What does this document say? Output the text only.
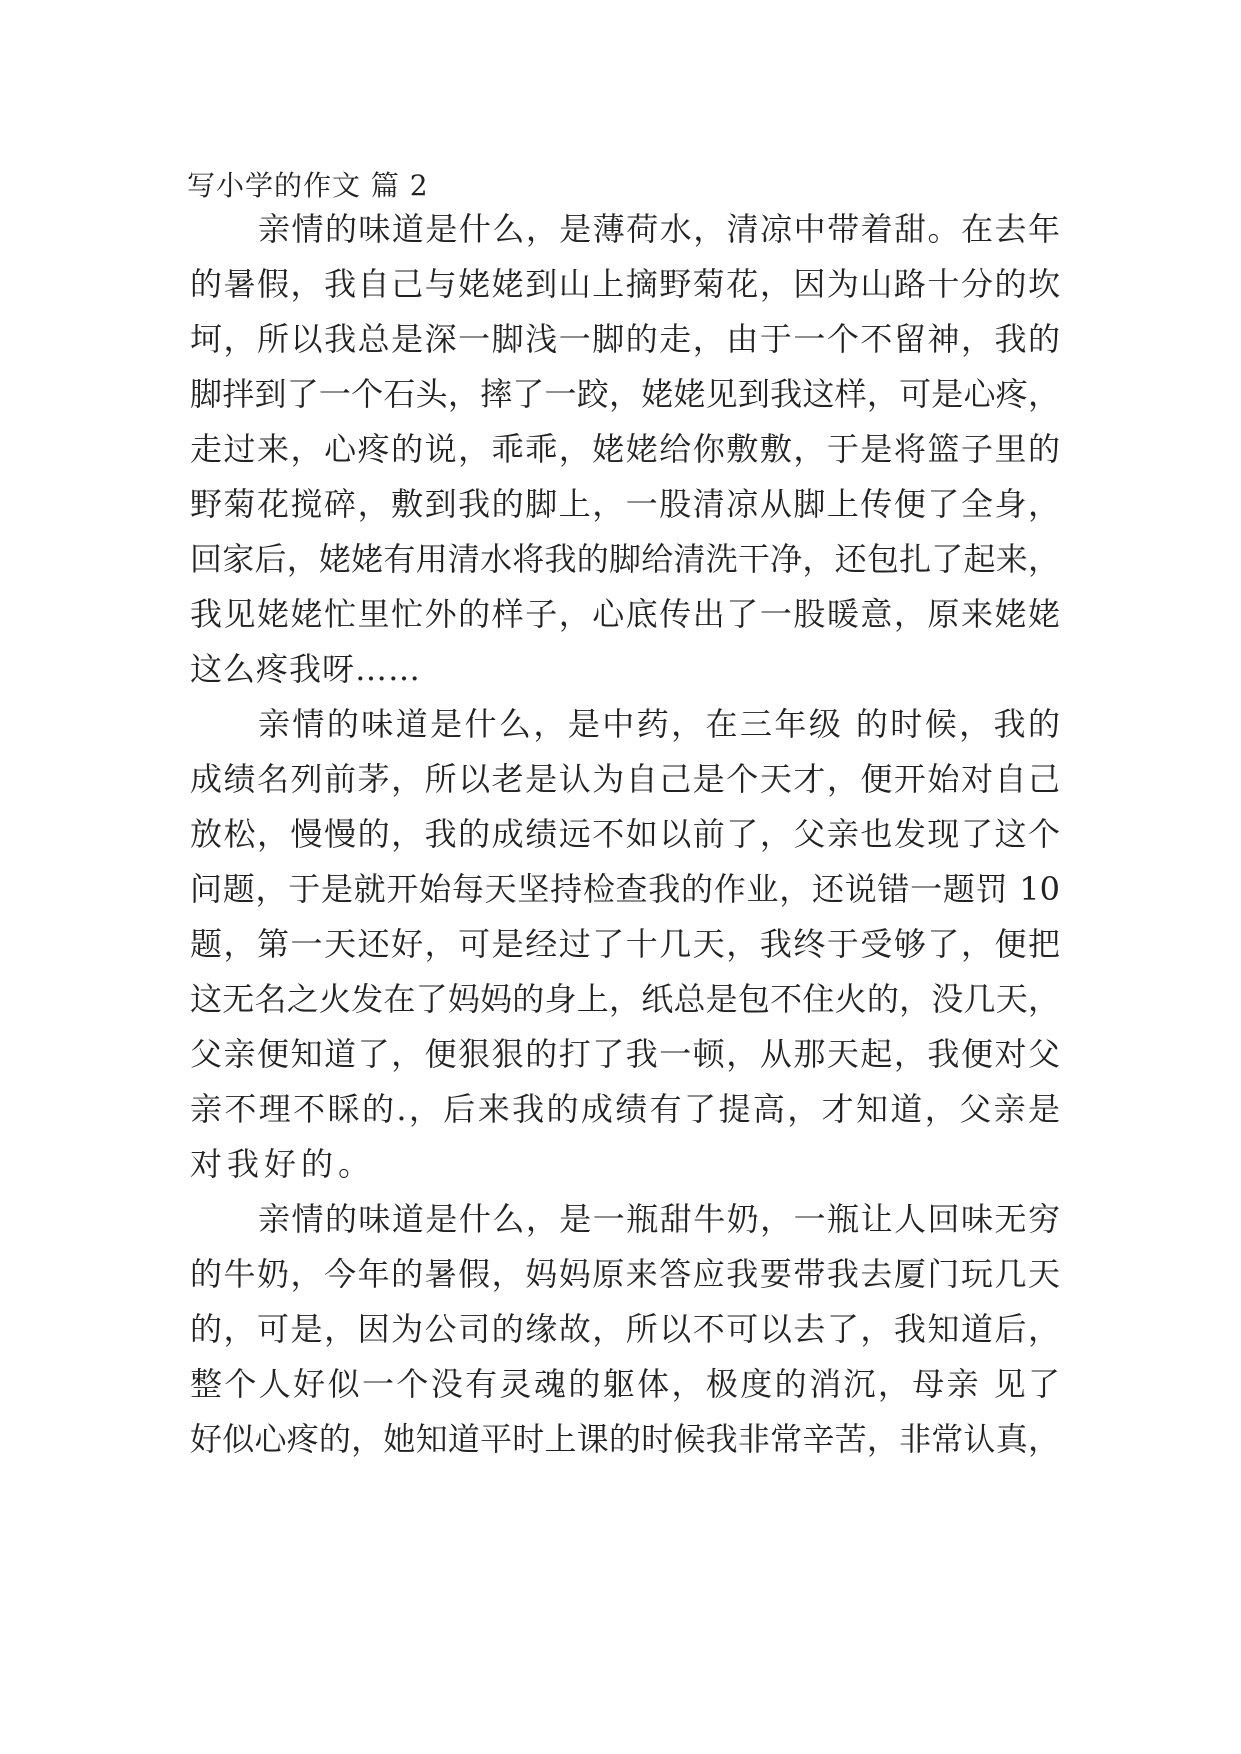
写小学的作文 篇 2
亲情的味道是什么，是薄荷水，清凉中带着甜。在去年
的暑假，我自己与姥姥到山上摘野菊花，因为山路十分的坎
坷，所以我总是深一脚浅一脚的走，由于一个不留神，我的
脚拌到了一个石头，摔了一跤，姥姥见到我这样，可是心疼，
走过来，心疼的说，乖乖，姥姥给你敷敷，于是将篮子里的
野菊花搅碎，敷到我的脚上，一股清凉从脚上传便了全身，
回家后，姥姥有用清水将我的脚给清洗干净，还包扎了起来，
我见姥姥忙里忙外的样子，心底传出了一股暖意，原来姥姥
这么疼我呀……
亲情的味道是什么，是中药，在三年级 的时候，我的
成绩名列前茅，所以老是认为自己是个天才，便开始对自己
放松，慢慢的，我的成绩远不如以前了，父亲也发现了这个
问题，于是就开始每天坚持检查我的作业，还说错一题罚 10
题，第一天还好，可是经过了十几天，我终于受够了，便把
这无名之火发在了妈妈的身上，纸总是包不住火的，没几天，
父亲便知道了，便狠狠的打了我一顿，从那天起，我便对父
亲不理不睬的.，后来我的成绩有了提高，才知道，父亲是
对我好的。
亲情的味道是什么，是一瓶甜牛奶，一瓶让人回味无穷
的牛奶，今年的暑假，妈妈原来答应我要带我去厦门玩几天
的，可是，因为公司的缘故，所以不可以去了，我知道后，
整个人好似一个没有灵魂的躯体，极度的消沉，母亲 见了
好似心疼的，她知道平时上课的时候我非常辛苦，非常认真，
